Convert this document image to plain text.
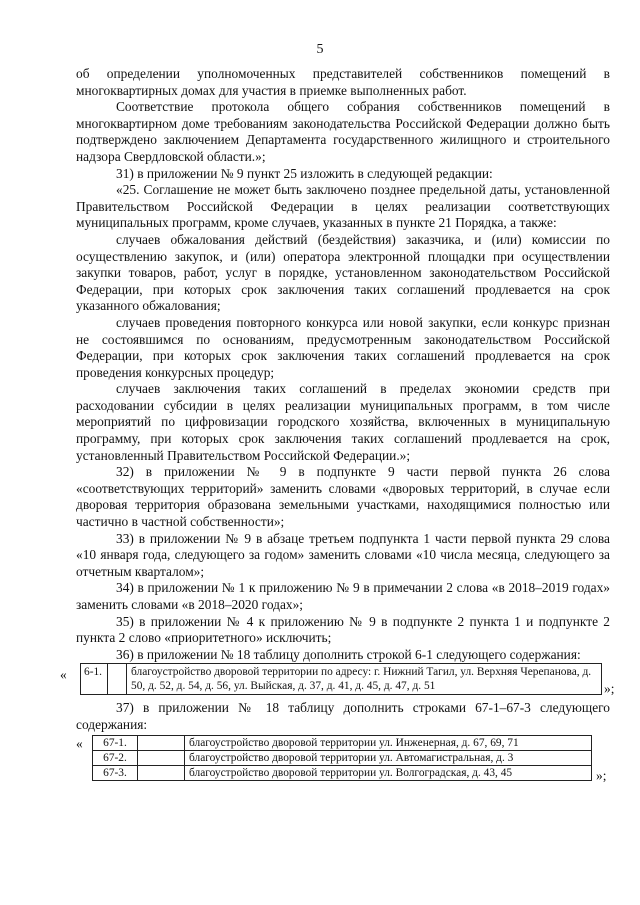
5

об определении уполномоченных представителей собственников помещений в многоквартирных домах для участия в приемке выполненных работ.

Соответствие протокола общего собрания собственников помещений в многоквартирном доме требованиям законодательства Российской Федерации должно быть подтверждено заключением Департамента государственного жилищного и строительного надзора Свердловской области.»;

31) в приложении № 9 пункт 25 изложить в следующей редакции:

«25. Соглашение не может быть заключено позднее предельной даты, установленной Правительством Российской Федерации в целях реализации соответствующих муниципальных программ, кроме случаев, указанных в пункте 21 Порядка, а также:

случаев обжалования действий (бездействия) заказчика, и (или) комиссии по осуществлению закупок, и (или) оператора электронной площадки при осуществлении закупки товаров, работ, услуг в порядке, установленном законодательством Российской Федерации, при которых срок заключения таких соглашений продлевается на срок указанного обжалования;

случаев проведения повторного конкурса или новой закупки, если конкурс признан не состоявшимся по основаниям, предусмотренным законодательством Российской Федерации, при которых срок заключения таких соглашений продлевается на срок проведения конкурсных процедур;

случаев заключения таких соглашений в пределах экономии средств при расходовании субсидии в целях реализации муниципальных программ, в том числе мероприятий по цифровизации городского хозяйства, включенных в муниципальную программу, при которых срок заключения таких соглашений продлевается на срок, установленный Правительством Российской Федерации.»;

32) в приложении № 9 в подпункте 9 части первой пункта 26 слова «соответствующих территорий» заменить словами «дворовых территорий, в случае если дворовая территория образована земельными участками, находящимися полностью или частично в частной собственности»;

33) в приложении № 9 в абзаце третьем подпункта 1 части первой пункта 29 слова «10 января года, следующего за годом» заменить словами «10 числа месяца, следующего за отчетным кварталом»;

34) в приложении № 1 к приложению № 9 в примечании 2 слова «в 2018–2019 годах» заменить словами «в 2018–2020 годах»;

35) в приложении № 4 к приложению № 9 в подпункте 2 пункта 1 и подпункте 2 пункта 2 слово «приоритетного» исключить;

36) в приложении № 18 таблицу дополнить строкой 6-1 следующего содержания:

« 6-1.		благоустройство дворовой территории по адресу: г. Нижний Тагил, ул. Верхняя Черепанова, д. 50, д. 52, д. 54, д. 56, ул. Выйская, д. 37, д. 41, д. 45, д. 47, д. 51	»;

37) в приложении № 18 таблицу дополнить строками 67-1–67-3 следующего содержания:

« 67-1.		благоустройство дворовой территории ул. Инженерная, д. 67, 69, 71
67-2.		благоустройство дворовой территории ул. Автомагистральная, д. 3
67-3.		благоустройство дворовой территории ул. Волгоградская, д. 43, 45	»;
